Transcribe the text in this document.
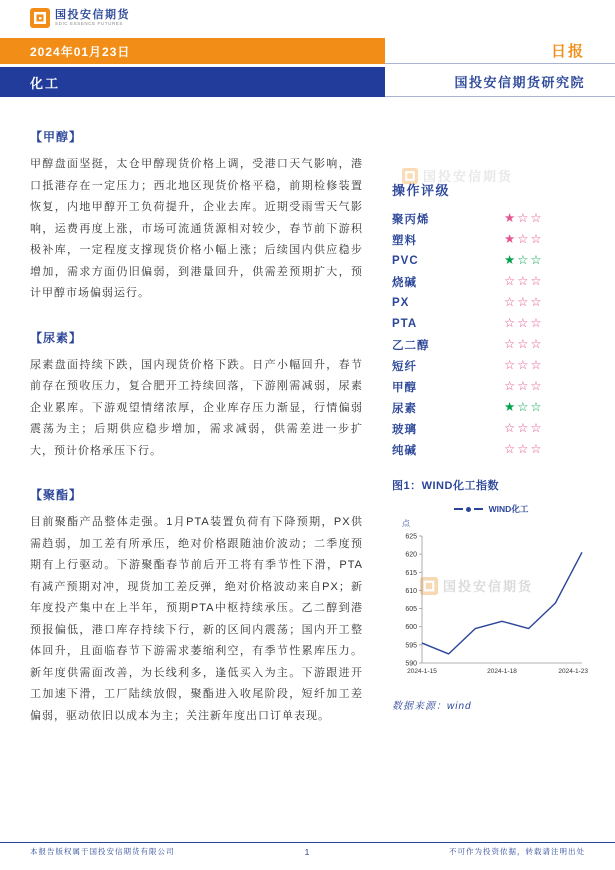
国投安信期货
SDIC ESSENCE FUTURES
2024年01月23日	日报
化工	国投安信期货研究院
国投安信期货
【甲醇】
甲醇盘面坚挺，太仓甲醇现货价格上调，受港口天气影响，港口抵港存在一定压力；西北地区现货价格平稳，前期检修装置恢复，内地甲醇开工负荷提升，企业去库。近期受雨雪天气影响，运费再度上涨，市场可流通货源相对较少，春节前下游积极补库，一定程度支撑现货价格小幅上涨；后续国内供应稳步增加，需求方面仍旧偏弱，到港量回升，供需差预期扩大，预计甲醇市场偏弱运行。
【尿素】
尿素盘面持续下跌，国内现货价格下跌。日产小幅回升，春节前存在预收压力，复合肥开工持续回落，下游刚需减弱，尿素企业累库。下游观望情绪浓厚，企业库存压力渐显，行情偏弱震荡为主；后期供应稳步增加，需求减弱，供需差进一步扩大，预计价格承压下行。
【聚酯】
目前聚酯产品整体走强。1月PTA装置负荷有下降预期，PX供需趋弱，加工差有所承压，绝对价格跟随油价波动；二季度预期有上行驱动。下游聚酯春节前后开工将有季节性下滑，PTA有减产预期对冲，现货加工差反弹，绝对价格波动来自PX；新年度投产集中在上半年，预期PTA中枢持续承压。乙二醇到港预报偏低，港口库存持续下行，新的区间内震荡；国内开工整体回升，且面临春节下游需求萎缩利空，有季节性累库压力。新年度供需面改善，为长线利多，逢低买入为主。下游跟进开工加速下滑，工厂陆续放假，聚酯进入收尾阶段，短纤加工差偏弱，驱动依旧以成本为主；关注新年度出口订单表现。
操作评级
聚丙烯	★☆☆
塑料	★☆☆
PVC	★☆☆
烧碱	☆☆☆
PX	☆☆☆
PTA	☆☆☆
乙二醇	☆☆☆
短纤	☆☆☆
甲醇	☆☆☆
尿素	★☆☆
玻璃	☆☆☆
纯碱	☆☆☆
图1：WIND化工指数
国投安信期货
WIND化工
点
590
595
600
605
610
615
620
625
2024-1-15	2024-1-18	2024-1-23
数据来源：wind
本报告版权属于国投安信期货有限公司	1	不可作为投资依据，转载请注明出处
